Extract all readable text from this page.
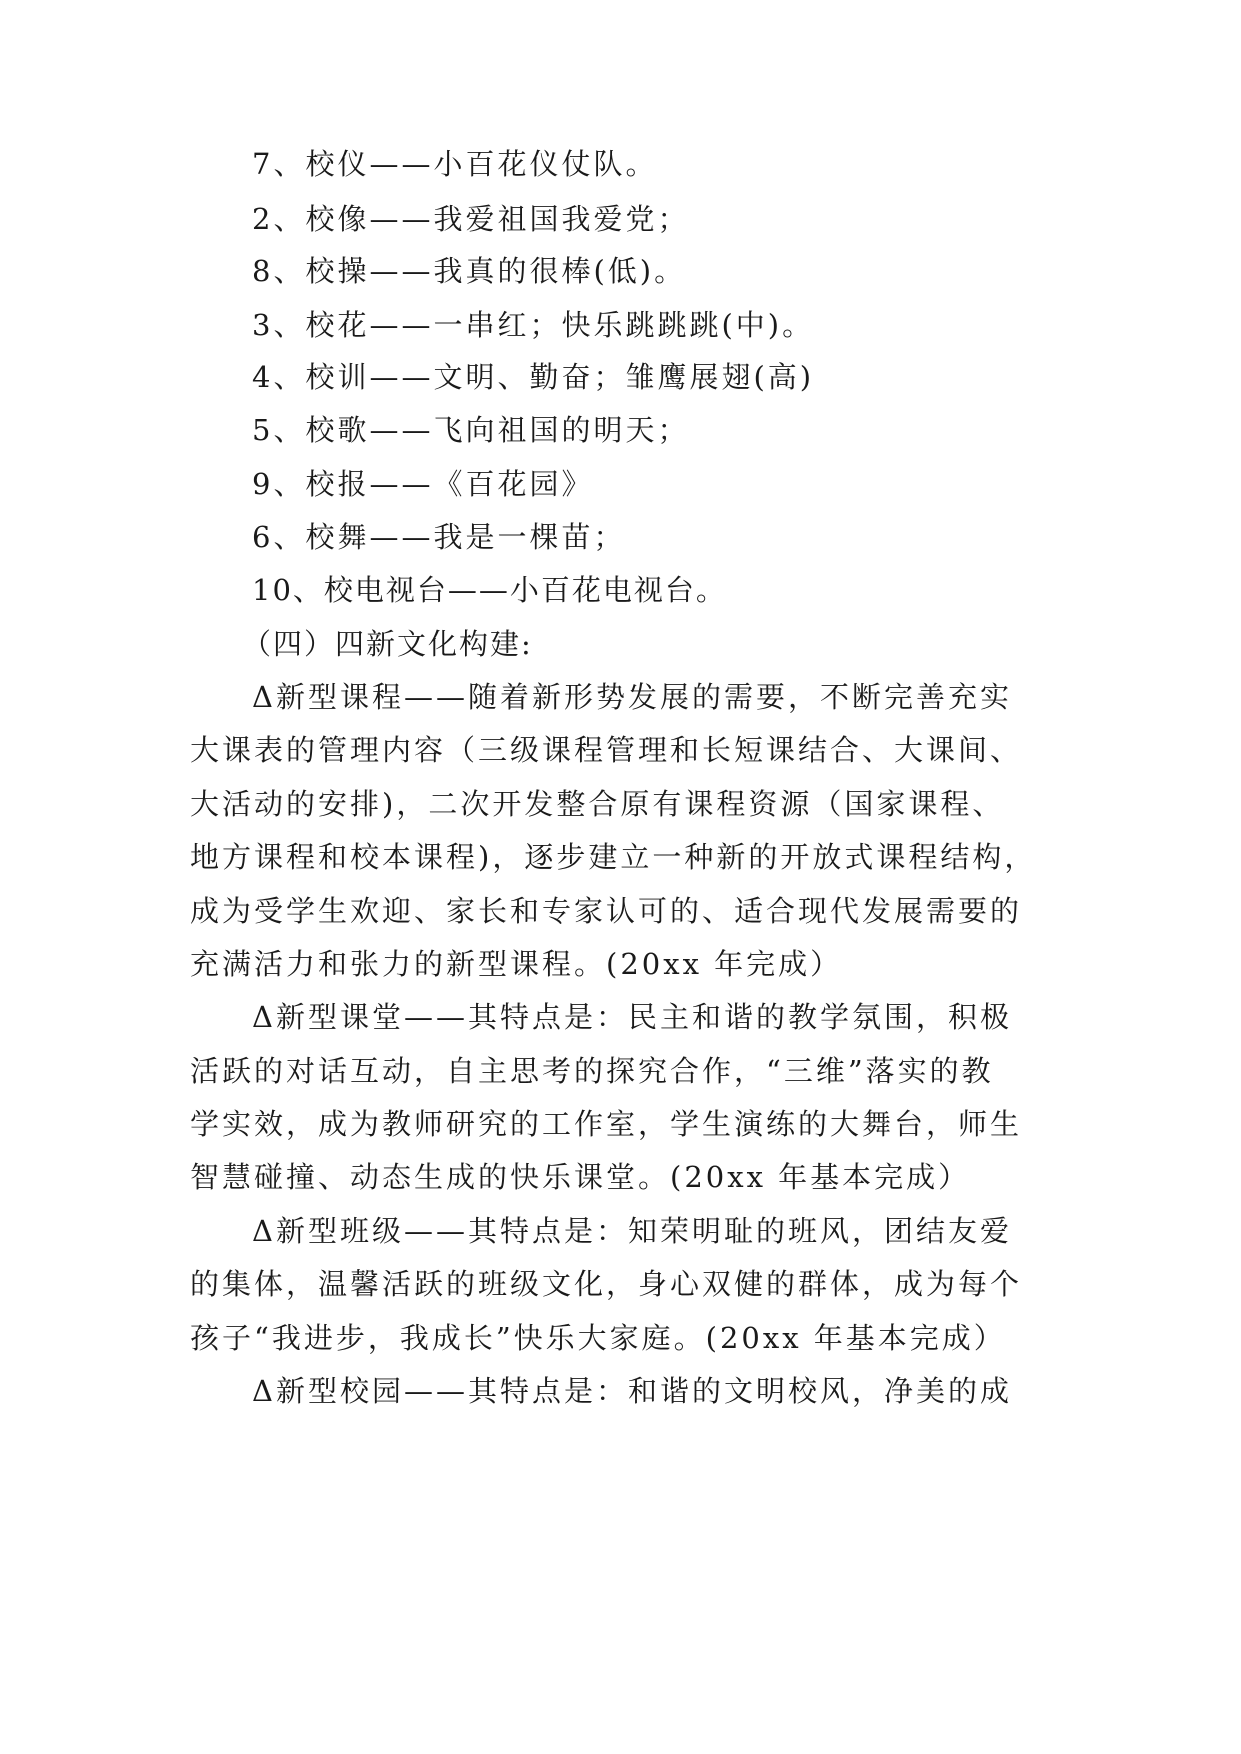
7、校仪——小百花仪仗队。
2、校像——我爱祖国我爱党；
8、校操——我真的很棒(低)。
3、校花——一串红；快乐跳跳跳(中)。
4、校训——文明、勤奋；雏鹰展翅(高)
5、校歌——飞向祖国的明天；
9、校报——《百花园》
6、校舞——我是一棵苗；
10、校电视台——小百花电视台。
（四）四新文化构建:
Δ新型课程——随着新形势发展的需要，不断完善充实
大课表的管理内容（三级课程管理和长短课结合、大课间、
大活动的安排)，二次开发整合原有课程资源（国家课程、
地方课程和校本课程)，逐步建立一种新的开放式课程结构，
成为受学生欢迎、家长和专家认可的、适合现代发展需要的
充满活力和张力的新型课程。(20xx 年完成）
Δ新型课堂——其特点是：民主和谐的教学氛围，积极
活跃的对话互动，自主思考的探究合作，“三维”落实的教
学实效，成为教师研究的工作室，学生演练的大舞台，师生
智慧碰撞、动态生成的快乐课堂。(20xx 年基本完成）
Δ新型班级——其特点是：知荣明耻的班风，团结友爱
的集体，温馨活跃的班级文化，身心双健的群体，成为每个
孩子“我进步，我成长”快乐大家庭。(20xx 年基本完成）
Δ新型校园——其特点是：和谐的文明校风，净美的成
